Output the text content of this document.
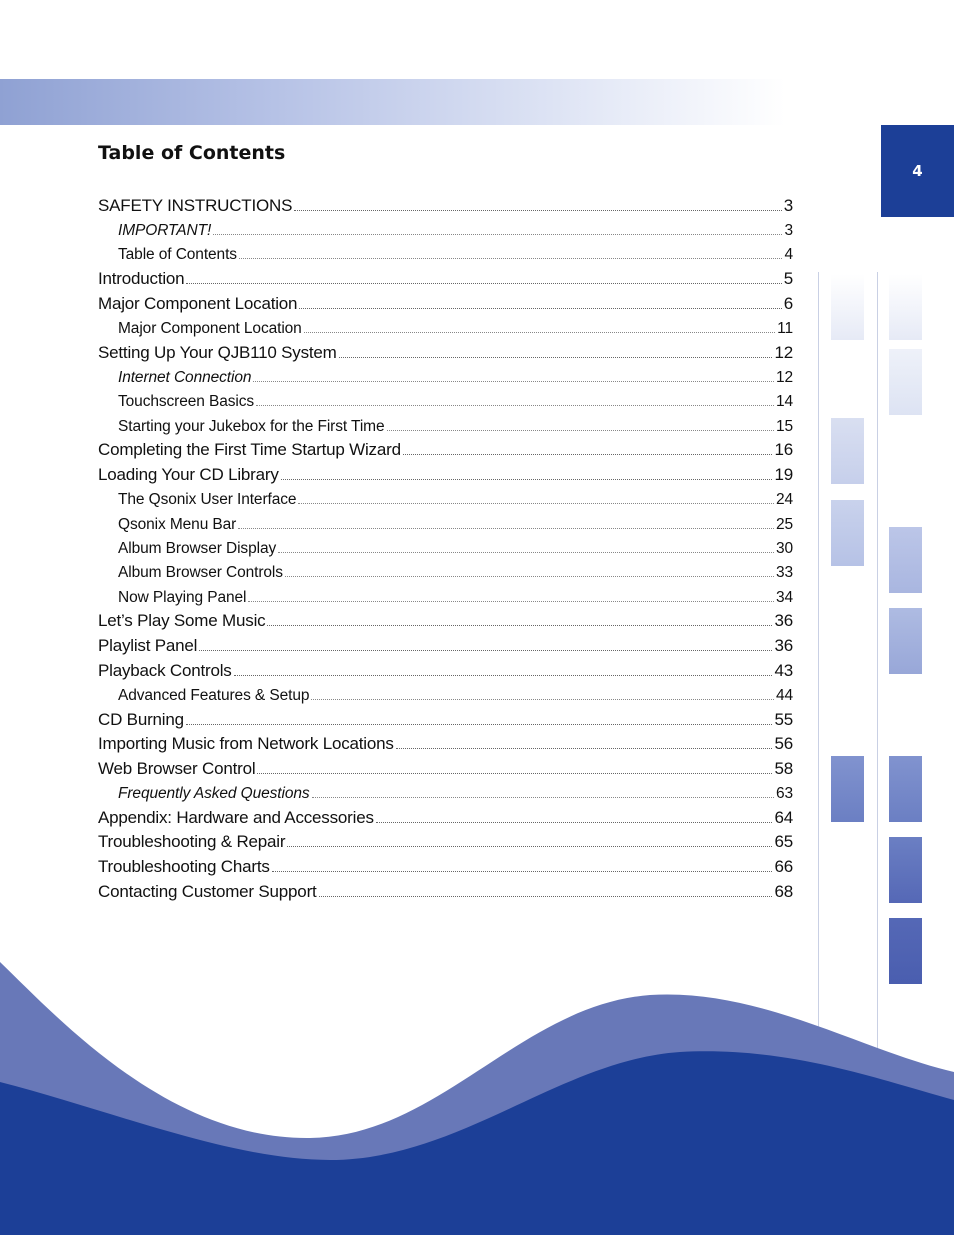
4
Table of Contents
SAFETY INSTRUCTIONS	3
IMPORTANT!	3
Table of Contents	4
Introduction	5
Major Component Location	6
Major Component Location	11
Setting Up Your QJB110 System	12
Internet Connection	12
Touchscreen Basics	14
Starting your Jukebox for the First Time	15
Completing the First Time Startup Wizard	16
Loading Your CD Library	19
The Qsonix User Interface	24
Qsonix Menu Bar	25
Album Browser Display	30
Album Browser Controls	33
Now Playing Panel	34
Let’s Play Some Music	36
Playlist Panel	36
Playback Controls	43
Advanced Features & Setup	44
CD Burning	55
Importing Music from Network Locations	56
Web Browser Control	58
Frequently Asked Questions	63
Appendix: Hardware and Accessories	64
Troubleshooting & Repair	65
Troubleshooting Charts	66
Contacting Customer Support	68
